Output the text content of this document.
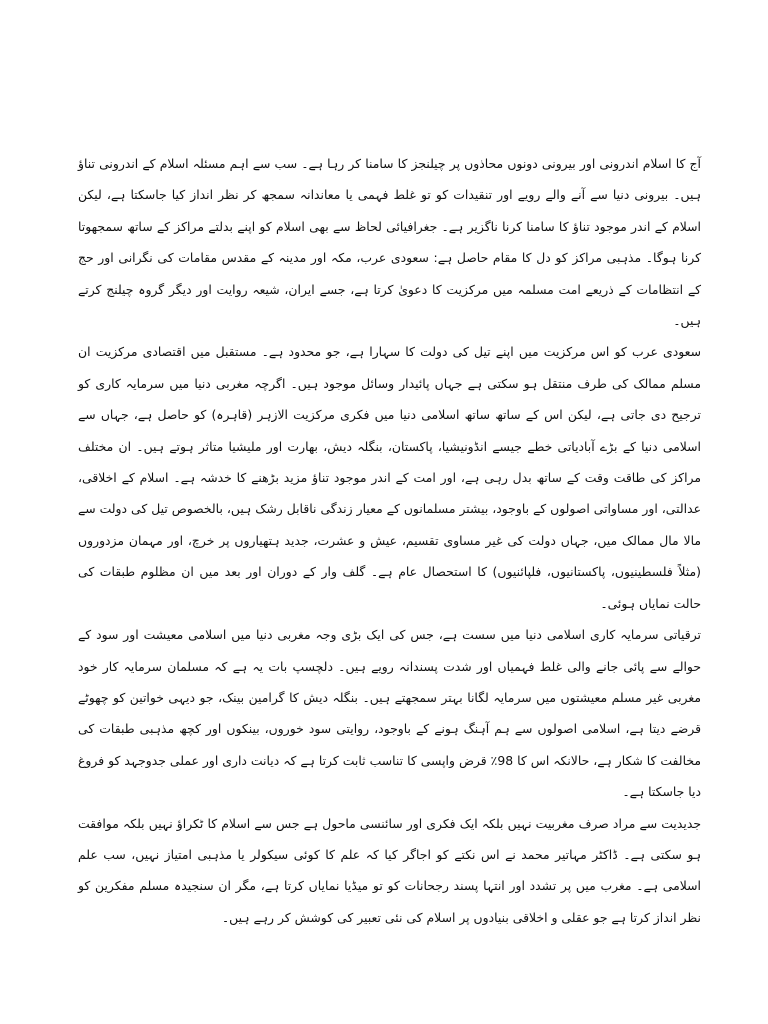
آج کا اسلام اندرونی اور بیرونی دونوں محاذوں پر چیلنجز کا سامنا کر رہا ہے۔ سب سے اہم مسئلہ اسلام کے اندرونی تناؤ ہیں۔ بیرونی دنیا سے آنے والے رویے اور تنقیدات کو تو غلط فہمی یا معاندانہ سمجھ کر نظر انداز کیا جاسکتا ہے، لیکن اسلام کے اندر موجود تناؤ کا سامنا کرنا ناگزیر ہے۔ جغرافیائی لحاظ سے بھی اسلام کو اپنے بدلتے مراکز کے ساتھ سمجھوتا کرنا ہوگا۔ مذہبی مراکز کو دل کا مقام حاصل ہے: سعودی عرب، مکہ اور مدینہ کے مقدس مقامات کی نگرانی اور حج کے انتظامات کے ذریعے امت مسلمہ میں مرکزیت کا دعویٰ کرتا ہے، جسے ایران، شیعہ روایت اور دیگر گروہ چیلنج کرتے ہیں۔

سعودی عرب کو اس مرکزیت میں اپنے تیل کی دولت کا سہارا ہے، جو محدود ہے۔ مستقبل میں اقتصادی مرکزیت ان مسلم ممالک کی طرف منتقل ہو سکتی ہے جہاں پائیدار وسائل موجود ہیں۔ اگرچہ مغربی دنیا میں سرمایہ کاری کو ترجیح دی جاتی ہے، لیکن اس کے ساتھ ساتھ اسلامی دنیا میں فکری مرکزیت الازہر (قاہرہ) کو حاصل ہے، جہاں سے اسلامی دنیا کے بڑے آبادیاتی خطے جیسے انڈونیشیا، پاکستان، بنگلہ دیش، بھارت اور ملیشیا متاثر ہوتے ہیں۔ ان مختلف مراکز کی طاقت وقت کے ساتھ بدل رہی ہے، اور امت کے اندر موجود تناؤ مزید بڑھنے کا خدشہ ہے۔ اسلام کے اخلاقی، عدالتی، اور مساواتی اصولوں کے باوجود، بیشتر مسلمانوں کے معیار زندگی ناقابل رشک ہیں، بالخصوص تیل کی دولت سے مالا مال ممالک میں، جہاں دولت کی غیر مساوی تقسیم، عیش و عشرت، جدید ہتھیاروں پر خرچ، اور مہمان مزدوروں (مثلاً فلسطینیوں، پاکستانیوں، فلپائنیوں) کا استحصال عام ہے۔ گلف وار کے دوران اور بعد میں ان مظلوم طبقات کی حالت نمایاں ہوئی۔

ترقیاتی سرمایہ کاری اسلامی دنیا میں سست ہے، جس کی ایک بڑی وجہ مغربی دنیا میں اسلامی معیشت اور سود کے حوالے سے پائی جانے والی غلط فہمیاں اور شدت پسندانہ رویے ہیں۔ دلچسپ بات یہ ہے کہ مسلمان سرمایہ کار خود مغربی غیر مسلم معیشتوں میں سرمایہ لگانا بہتر سمجھتے ہیں۔ بنگلہ دیش کا گرامین بینک، جو دیہی خواتین کو چھوٹے قرضے دیتا ہے، اسلامی اصولوں سے ہم آہنگ ہونے کے باوجود، روایتی سود خوروں، بینکوں اور کچھ مذہبی طبقات کی مخالفت کا شکار ہے، حالانکہ اس کا 98٪ قرض واپسی کا تناسب ثابت کرتا ہے کہ دیانت داری اور عملی جدوجہد کو فروغ دیا جاسکتا ہے۔

جدیدیت سے مراد صرف مغربیت نہیں بلکہ ایک فکری اور سائنسی ماحول ہے جس سے اسلام کا ٹکراؤ نہیں بلکہ موافقت ہو سکتی ہے۔ ڈاکٹر مہاتیر محمد نے اس نکتے کو اجاگر کیا کہ علم کا کوئی سیکولر یا مذہبی امتیاز نہیں، سب علم اسلامی ہے۔ مغرب میں پر تشدد اور انتہا پسند رجحانات کو تو میڈیا نمایاں کرتا ہے، مگر ان سنجیدہ مسلم مفکرین کو نظر انداز کرتا ہے جو عقلی و اخلاقی بنیادوں پر اسلام کی نئی تعبیر کی کوشش کر رہے ہیں۔
